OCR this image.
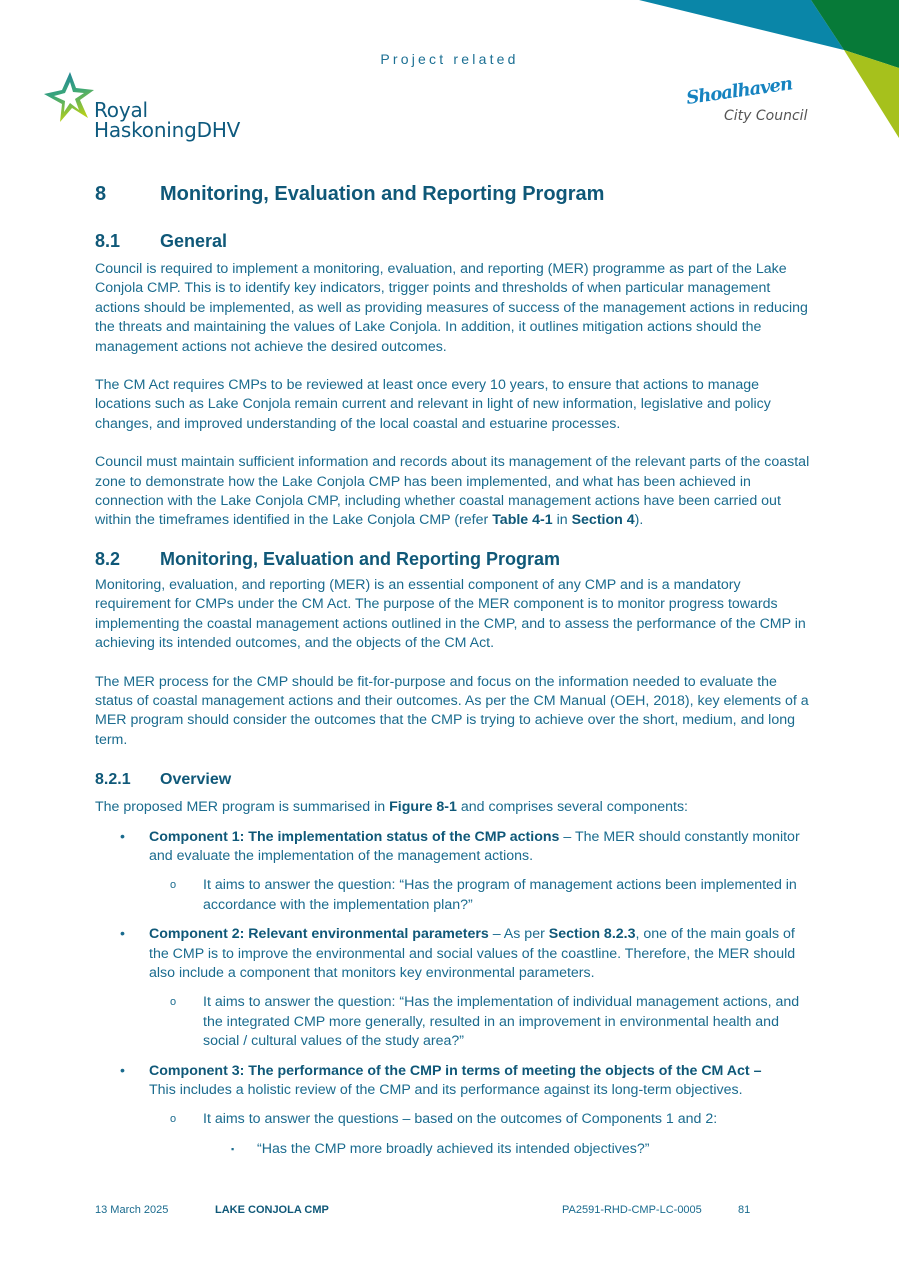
Project related
Royal
HaskoningDHV
Shoalhaven
City Council
8	Monitoring, Evaluation and Reporting Program
8.1 General

Council is required to implement a monitoring, evaluation, and reporting (MER) programme as part of the Lake Conjola CMP. This is to identify key indicators, trigger points and thresholds of when particular management actions should be implemented, as well as providing measures of success of the management actions in reducing the threats and maintaining the values of Lake Conjola. In addition, it outlines mitigation actions should the management actions not achieve the desired outcomes.

The CM Act requires CMPs to be reviewed at least once every 10 years, to ensure that actions to manage locations such as Lake Conjola remain current and relevant in light of new information, legislative and policy changes, and improved understanding of the local coastal and estuarine processes.

Council must maintain sufficient information and records about its management of the relevant parts of the coastal zone to demonstrate how the Lake Conjola CMP has been implemented, and what has been achieved in connection with the Lake Conjola CMP, including whether coastal management actions have been carried out within the timeframes identified in the Lake Conjola CMP (refer Table 4-1 in Section 4).

8.2 Monitoring, Evaluation and Reporting Program

Monitoring, evaluation, and reporting (MER) is an essential component of any CMP and is a mandatory requirement for CMPs under the CM Act. The purpose of the MER component is to monitor progress towards implementing the coastal management actions outlined in the CMP, and to assess the performance of the CMP in achieving its intended outcomes, and the objects of the CM Act.

The MER process for the CMP should be fit-for-purpose and focus on the information needed to evaluate the status of coastal management actions and their outcomes. As per the CM Manual (OEH, 2018), key elements of a MER program should consider the outcomes that the CMP is trying to achieve over the short, medium, and long term.

8.2.1 Overview

The proposed MER program is summarised in Figure 8-1 and comprises several components:

• Component 1: The implementation status of the CMP actions – The MER should constantly monitor and evaluate the implementation of the management actions.
o It aims to answer the question: “Has the program of management actions been implemented in accordance with the implementation plan?”
• Component 2: Relevant environmental parameters – As per Section 8.2.3, one of the main goals of the CMP is to improve the environmental and social values of the coastline. Therefore, the MER should also include a component that monitors key environmental parameters.
o It aims to answer the question: “Has the implementation of individual management actions, and the integrated CMP more generally, resulted in an improvement in environmental health and social / cultural values of the study area?”
• Component 3: The performance of the CMP in terms of meeting the objects of the CM Act –
This includes a holistic review of the CMP and its performance against its long-term objectives.
o It aims to answer the questions – based on the outcomes of Components 1 and 2:
▪ “Has the CMP more broadly achieved its intended objectives?”
13 March 2025	LAKE CONJOLA CMP	PA2591-RHD-CMP-LC-0005	81
